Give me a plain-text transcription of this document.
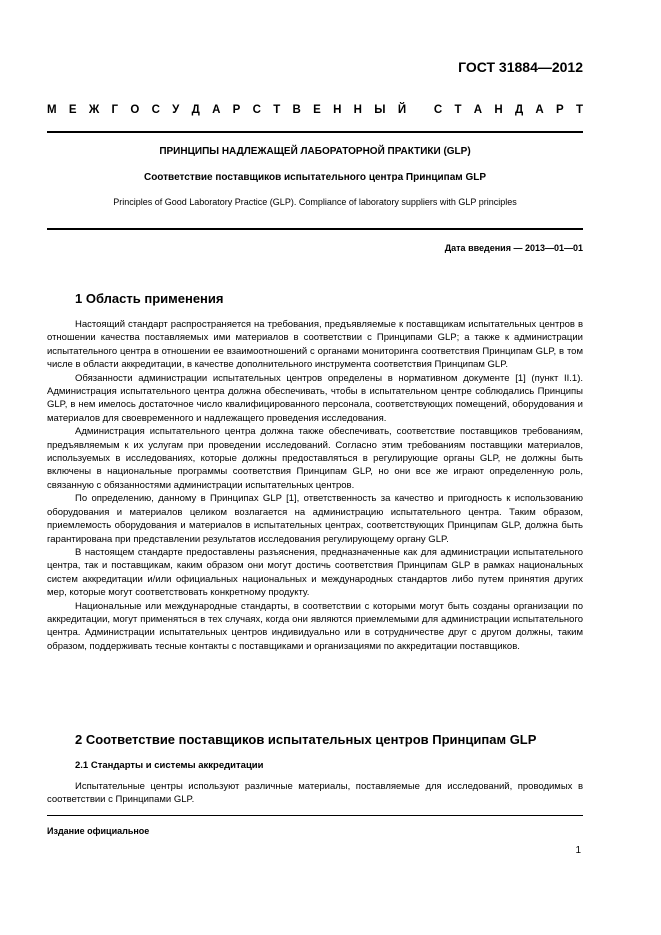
ГОСТ 31884—2012
М Е Ж Г О С У Д А Р С Т В Е Н Н Ы Й
С Т А Н Д А Р Т
ПРИНЦИПЫ НАДЛЕЖАЩЕЙ ЛАБОРАТОРНОЙ ПРАКТИКИ (GLP)
Соответствие поставщиков испытательного центра Принципам GLP
Principles of Good Laboratory Practice (GLP). Compliance of laboratory suppliers with GLP principles
Дата введения — 2013—01—01
1 Область применения

Настоящий стандарт распространяется на требования, предъявляемые к поставщикам испытательных центров в отношении качества поставляемых ими материалов в соответствии с Принципами GLP; а также к администрации испытательного центра в отношении ее взаимоотношений с органами мониторинга соответствия Принципам GLP, в том числе в области аккредитации, в качестве дополнительного инструмента соответствия Принципам GLP.

Обязанности администрации испытательных центров определены в нормативном документе [1] (пункт II.1). Администрация испытательного центра должна обеспечивать, чтобы в испытательном центре соблюдались Принципы GLP, в нем имелось достаточное число квалифицированного персонала, соответствующих помещений, оборудования и материалов для своевременного и надлежащего проведения исследования.

Администрация испытательного центра должна также обеспечивать, соответствие поставщиков требованиям, предъявляемым к их услугам при проведении исследований. Согласно этим требованиям поставщики материалов, используемых в исследованиях, которые должны предоставляться в регулирующие органы GLP, не должны быть включены в национальные программы соответствия Принципам GLP, но они все же играют определенную роль, связанную с обязанностями администрации испытательных центров.

По определению, данному в Принципах GLP [1], ответственность за качество и пригодность к использованию оборудования и материалов целиком возлагается на администрацию испытательного центра. Таким образом, приемлемость оборудования и материалов в испытательных центрах, соответствующих Принципам GLP, должна быть гарантирована при представлении результатов исследования регулирующему органу GLP.

В настоящем стандарте предоставлены разъяснения, предназначенные как для администрации испытательного центра, так и поставщикам, каким образом они могут достичь соответствия Принципам GLP в рамках национальных систем аккредитации и/или официальных национальных и международных стандартов либо путем принятия других мер, которые могут соответствовать конкретному продукту.

Национальные или международные стандарты, в соответствии с которыми могут быть созданы организации по аккредитации, могут применяться в тех случаях, когда они являются приемлемыми для администрации испытательного центра. Администрации испытательных центров индивидуально или в сотрудничестве друг с другом должны, таким образом, поддерживать тесные контакты с поставщиками и организациями по аккредитации поставщиков.

2 Соответствие поставщиков испытательных центров Принципам GLP
2.1 Стандарты и системы аккредитации

Испытательные центры используют различные материалы, поставляемые для исследований, проводимых в соответствии с Принципами GLP.

Издание официальное
1
